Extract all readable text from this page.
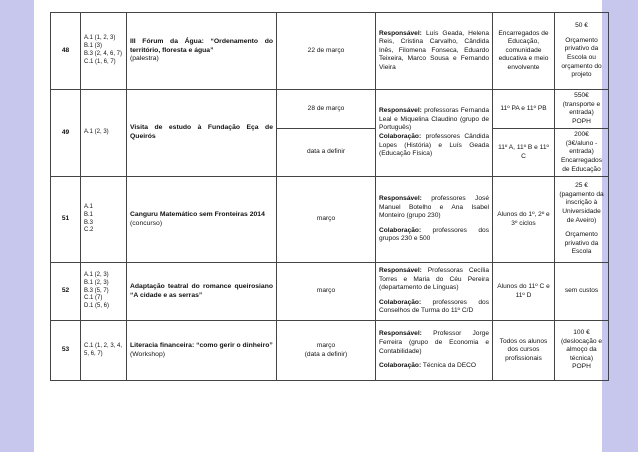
48	A.1 (1, 2, 3)
B.1 (3)
B.3 (2, 4, 6, 7)
C.1 (1, 6, 7)	III Fórum da Água: “Ordenamento do território, floresta e água”
(palestra)	22 de março	Responsável: Luís Geada, Helena Reis, Cristina Carvalho, Cândida Inês, Filomena Fonseca, Eduardo Teixeira, Marco Sousa e Fernando Vieira	Encarregados de Educação, comunidade educativa e meio envolvente	50 €
Orçamento privativo da Escola ou orçamento do projeto

49	A.1 (2, 3)	Visita de estudo à Fundação Eça de Queirós	28 de março	Responsável: professoras Fernanda Leal e Miquelina Claudino (grupo de Português)
Colaboração: professores Cândida Lopes (História) e Luís Geada (Educação Física)	11º PA e 11º PB	550€
(transporte e entrada)
POPH

			data a definir		11º A, 11º B e 11º C	200€
(3€/aluno - entrada)
Encarregados de Educação

51	A.1
B.1
B.3
C.2	Canguru Matemático sem Fronteiras 2014
(concurso)	março	Responsável: professores José Manuel Botelho e Ana Isabel Monteiro (grupo 230)
Colaboração: professores dos grupos 230 e 500	Alunos do 1º, 2º e 3º ciclos	25 €
(pagamento da inscrição à Universidade de Aveiro)
Orçamento privativo da Escola

52	A.1 (2, 3)
B.1 (2, 3)
B.3 (5, 7)
C.1 (7)
D.1 (5, 6)	Adaptação teatral do romance queirosiano “A cidade e as serras”	março	Responsável: Professoras Cecília Torres e Maria do Céu Pereira (departamento de Línguas)
Colaboração: professores dos Conselhos de Turma do 11º C/D	Alunos do 11º C e 11º D	sem custos
53	C.1 (1, 2, 3, 4, 5, 6, 7)	Literacia financeira: “como gerir o dinheiro”
(Workshop)	março
(data a definir)	Responsável: Professor Jorge Ferreira (grupo de Economia e Contabilidade)
Colaboração: Técnica da DECO	Todos os alunos dos cursos profissionais	100 €
(deslocação e almoço da técnica)
POPH
